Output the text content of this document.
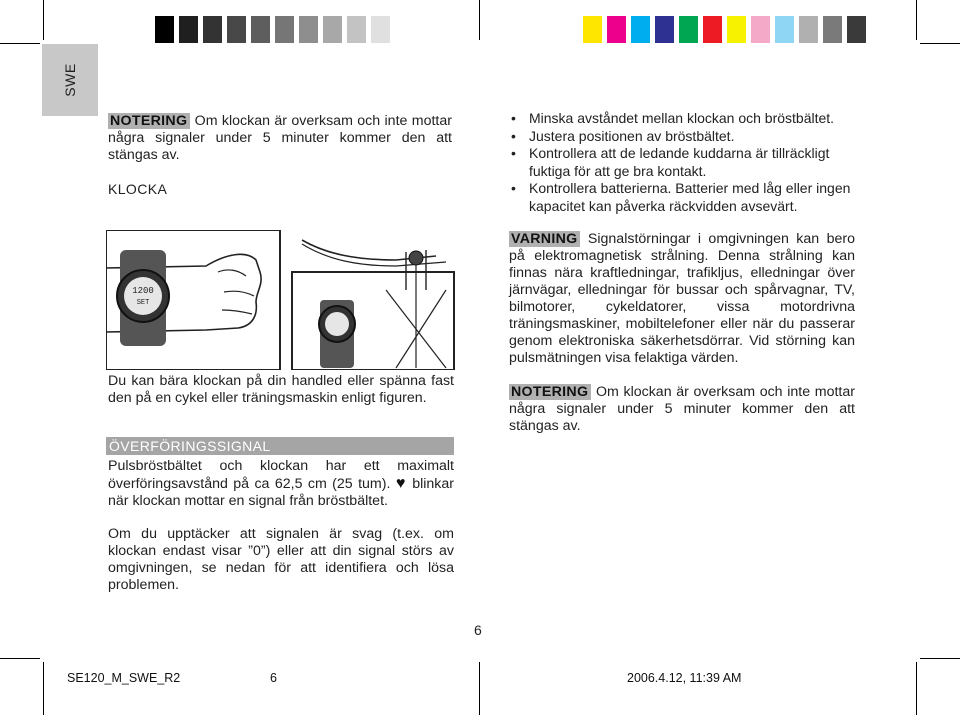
SWE
NOTERING Om klockan är overksam och inte mottar några signaler under 5 minuter kommer den att stängas av.
KLOCKA
1200
SET
Du kan bära klockan på din handled eller spänna fast den på en cykel eller träningsmaskin enligt figuren.
ÖVERFÖRINGSSIGNAL
Pulsbröstbältet och klockan har ett maximalt överföringsavstånd på ca 62,5 cm (25 tum). ♥ blinkar när klockan mottar en signal från bröstbältet.
Om du upptäcker att signalen är svag (t.ex. om klockan endast visar ”0”) eller att din signal störs av omgivningen, se nedan för att identifiera och lösa problemen.
• Minska avståndet mellan klockan och bröstbältet.
• Justera positionen av bröstbältet.
• Kontrollera att de ledande kuddarna är tillräckligt fuktiga för att ge bra kontakt.
• Kontrollera batterierna. Batterier med låg eller ingen kapacitet kan påverka räckvidden avsevärt.
VARNING Signalstörningar i omgivningen kan bero på elektromagnetisk strålning. Denna strålning kan finnas nära kraftledningar, trafikljus, elledningar över järnvägar, elledningar för bussar och spårvagnar, TV, bilmotorer, cykeldatorer, vissa motordrivna träningsmaskiner, mobiltelefoner eller när du passerar genom elektroniska säkerhetsdörrar. Vid störning kan pulsmätningen visa felaktiga värden.
NOTERING Om klockan är overksam och inte mottar några signaler under 5 minuter kommer den att stängas av.
6
SE120_M_SWE_R2	6	2006.4.12, 11:39 AM
